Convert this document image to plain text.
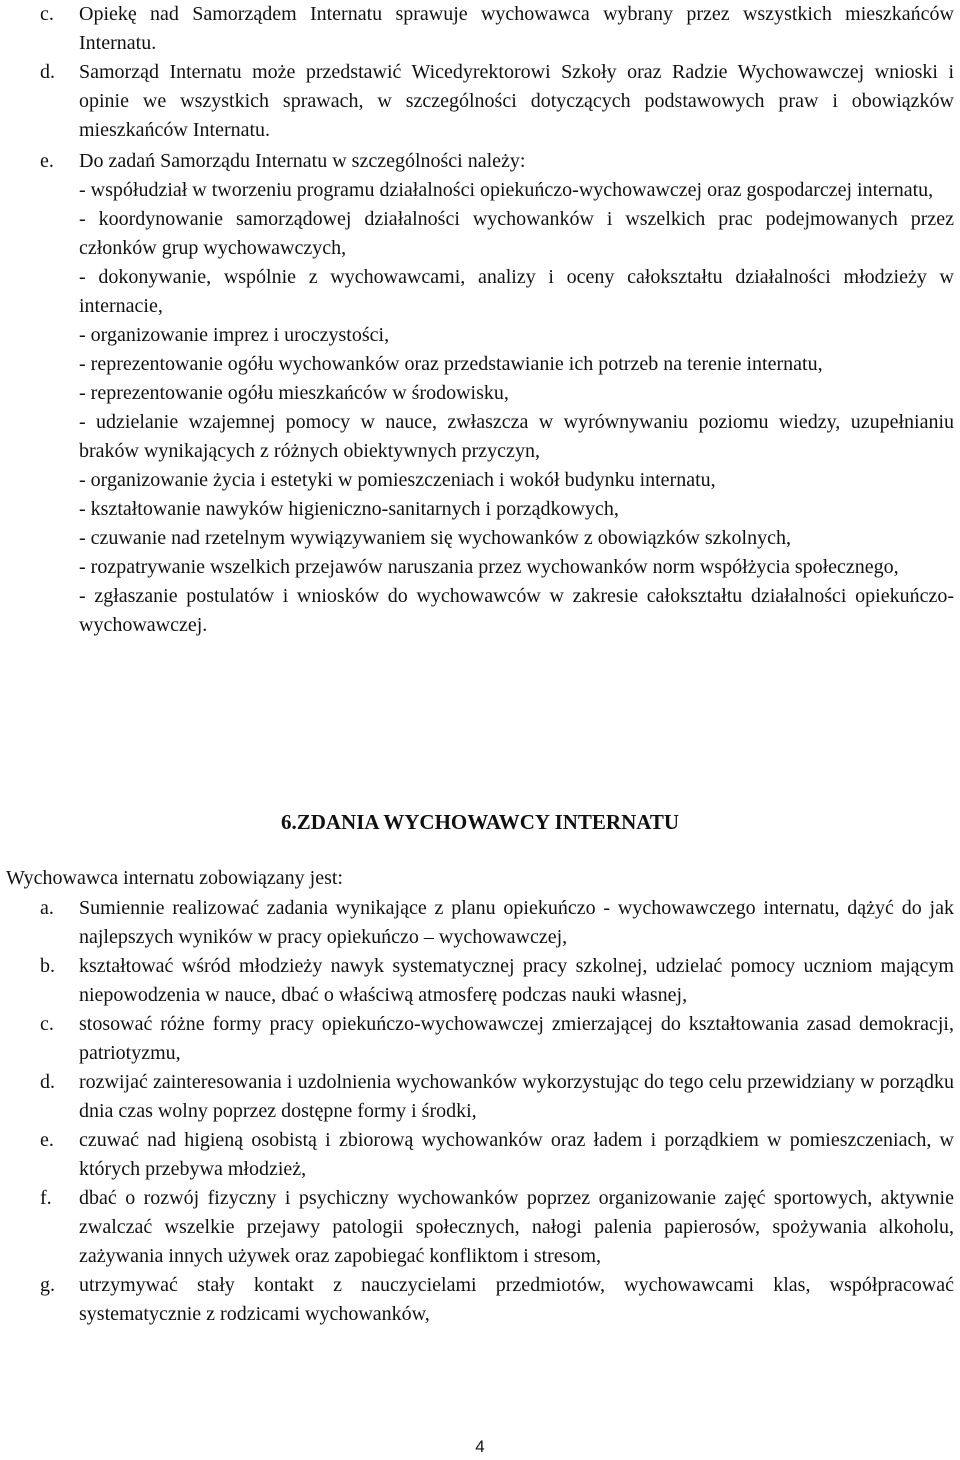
c.	Opiekę nad Samorządem Internatu sprawuje wychowawca wybrany przez wszystkich mieszkańców Internatu.
d.	Samorząd Internatu może przedstawić Wicedyrektorowi Szkoły oraz Radzie Wychowawczej wnioski i opinie we wszystkich sprawach, w szczególności dotyczących podstawowych praw i obowiązków mieszkańców Internatu.
e.	Do zadań Samorządu Internatu w szczególności należy:
- współudział w tworzeniu programu działalności opiekuńczo-wychowawczej oraz gospodarczej internatu,
- koordynowanie samorządowej działalności wychowanków i wszelkich prac podejmowanych przez członków grup wychowawczych,
- dokonywanie, wspólnie z wychowawcami, analizy i oceny całokształtu działalności młodzieży w internacie,
- organizowanie imprez i uroczystości,
- reprezentowanie ogółu wychowanków oraz przedstawianie ich potrzeb na terenie internatu,
- reprezentowanie ogółu mieszkańców w środowisku,
- udzielanie wzajemnej pomocy w nauce, zwłaszcza w wyrównywaniu poziomu wiedzy, uzupełnianiu braków wynikających z różnych obiektywnych przyczyn,
- organizowanie życia i estetyki w pomieszczeniach i wokół budynku internatu,
- kształtowanie nawyków higieniczno-sanitarnych i porządkowych,
- czuwanie nad rzetelnym wywiązywaniem się wychowanków z obowiązków szkolnych,
- rozpatrywanie wszelkich przejawów naruszania przez wychowanków norm współżycia społecznego,
- zgłaszanie postulatów i wniosków do wychowawców w zakresie całokształtu działalności opiekuńczo-wychowawczej.
6.ZDANIA WYCHOWAWCY INTERNATU
Wychowawca internatu zobowiązany jest:
a.	Sumiennie realizować zadania wynikające z planu opiekuńczo - wychowawczego internatu, dążyć do jak najlepszych wyników w pracy opiekuńczo – wychowawczej,
b.	kształtować wśród młodzieży nawyk systematycznej pracy szkolnej, udzielać pomocy uczniom mającym niepowodzenia w nauce, dbać o właściwą atmosferę podczas nauki własnej,
c.	stosować różne formy pracy opiekuńczo-wychowawczej zmierzającej do kształtowania zasad demokracji, patriotyzmu,
d.	rozwijać zainteresowania i uzdolnienia wychowanków wykorzystując do tego celu przewidziany w porządku dnia czas wolny poprzez dostępne formy i środki,
e.	czuwać nad higieną osobistą i zbiorową wychowanków oraz ładem i porządkiem w pomieszczeniach, w których przebywa młodzież,
f.	dbać o rozwój fizyczny i psychiczny wychowanków poprzez organizowanie zajęć sportowych, aktywnie zwalczać wszelkie przejawy patologii społecznych, nałogi palenia papierosów, spożywania alkoholu, zażywania innych używek oraz zapobiegać konfliktom i stresom,
g.	utrzymywać stały kontakt z nauczycielami przedmiotów, wychowawcami klas, współpracować systematycznie z rodzicami wychowanków,
4
